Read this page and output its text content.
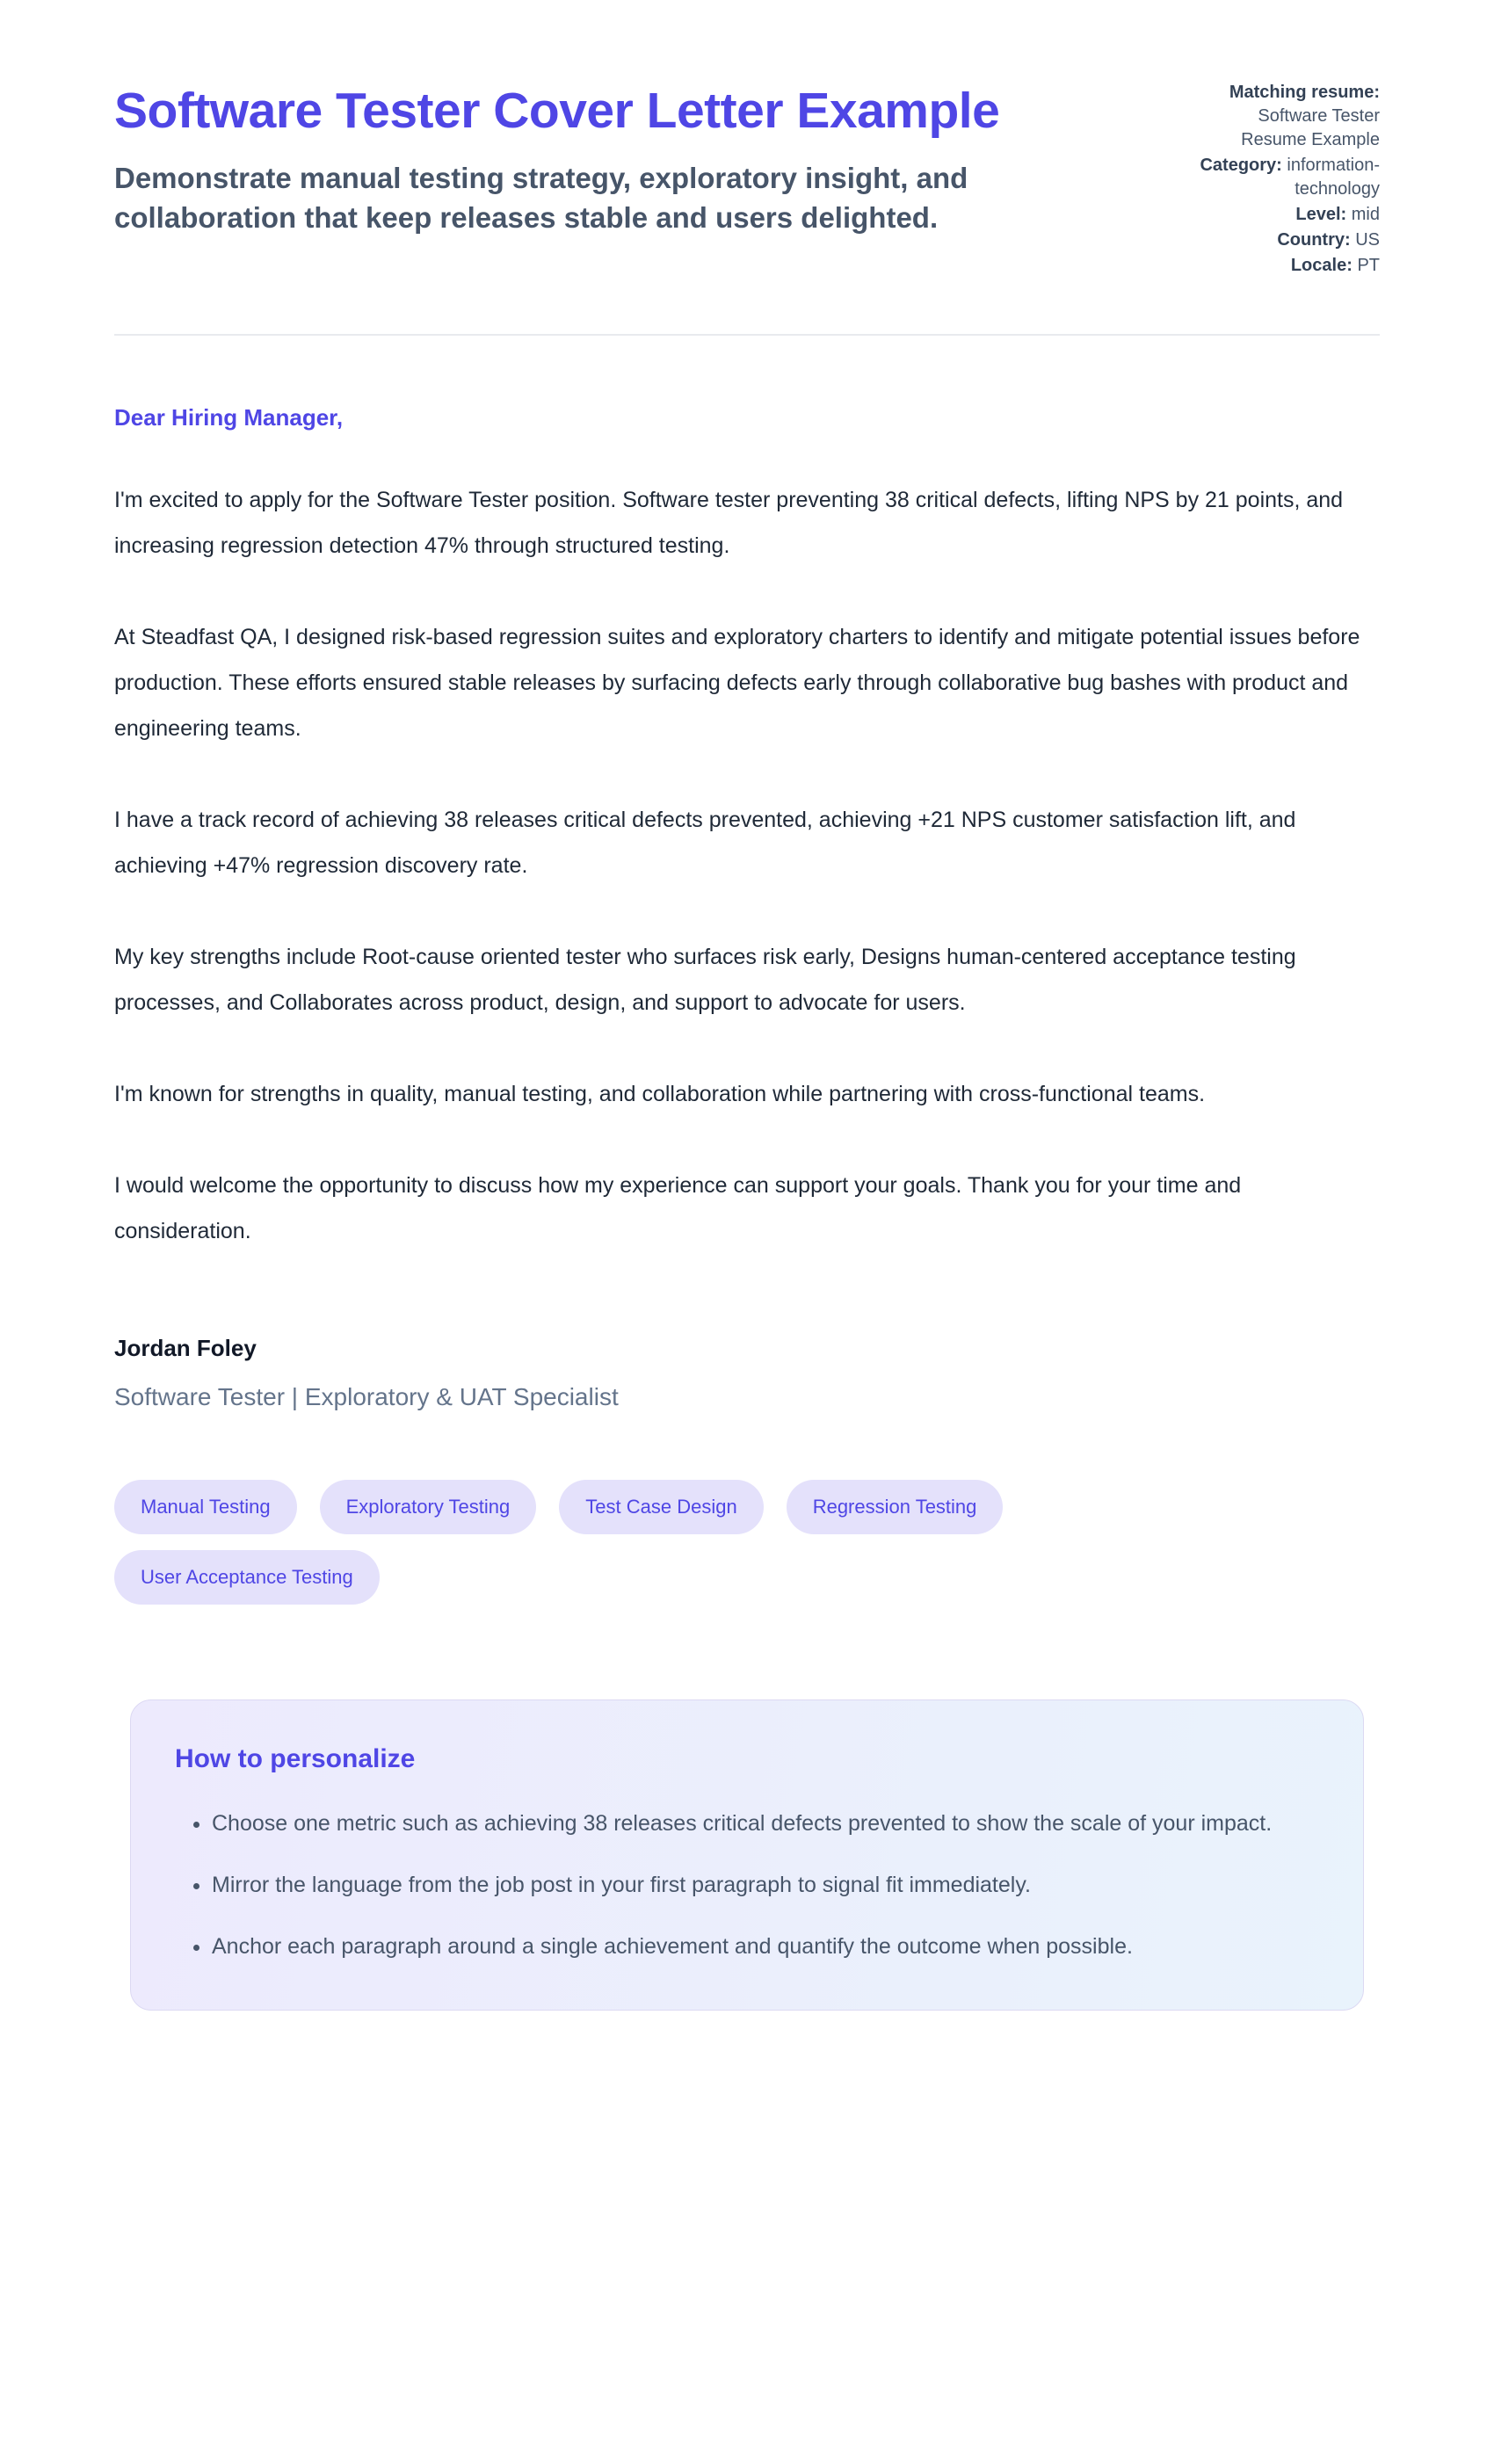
Software Tester Cover Letter Example
Demonstrate manual testing strategy, exploratory insight, and collaboration that keep releases stable and users delighted.
Matching resume: Software Tester Resume Example
Category: information-technology
Level: mid
Country: US
Locale: PT

Dear Hiring Manager,

I'm excited to apply for the Software Tester position. Software tester preventing 38 critical defects, lifting NPS by 21 points, and increasing regression detection 47% through structured testing.

At Steadfast QA, I designed risk-based regression suites and exploratory charters to identify and mitigate potential issues before production. These efforts ensured stable releases by surfacing defects early through collaborative bug bashes with product and engineering teams.

I have a track record of achieving 38 releases critical defects prevented, achieving +21 NPS customer satisfaction lift, and achieving +47% regression discovery rate.

My key strengths include Root-cause oriented tester who surfaces risk early, Designs human-centered acceptance testing processes, and Collaborates across product, design, and support to advocate for users.

I'm known for strengths in quality, manual testing, and collaboration while partnering with cross-functional teams.

I would welcome the opportunity to discuss how my experience can support your goals. Thank you for your time and consideration.

Jordan Foley

Software Tester | Exploratory & UAT Specialist

Manual Testing	Exploratory Testing	Test Case Design	Regression Testing
User Acceptance Testing
How to personalize
• Choose one metric such as achieving 38 releases critical defects prevented to show the scale of your impact.
• Mirror the language from the job post in your first paragraph to signal fit immediately.
• Anchor each paragraph around a single achievement and quantify the outcome when possible.
